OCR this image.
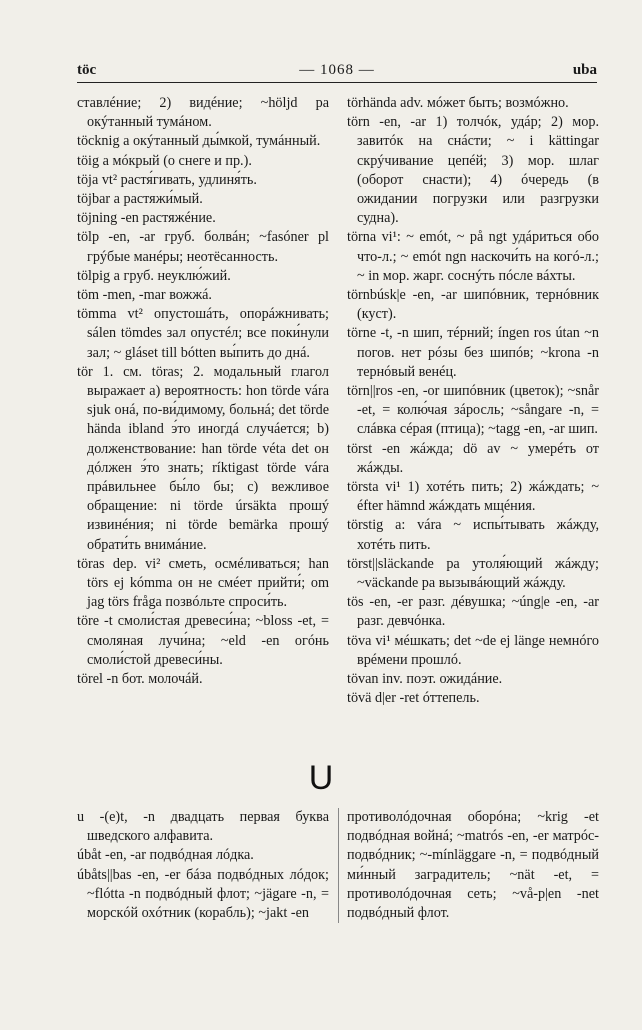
töc	— 1068 —	uba

ставлéние; 2) видéние; ~höljd pa окýтанный тумáном.

töcknig a окýтанный ды́мкой, тумáнный.

töig a мóкрый (о снеге и пр.).

töja vt² растя́гивать, удлиня́ть.

töjbar a растяжи́мый.

töjning -en растяжéние.

tölp -en, -ar груб. болвáн; ~fasóner pl грýбые манéры; неотёсанность.

tölpig a груб. неуклю́жий.

töm -men, -mar вожжá.

tömma vt² опустошáть, опорáжнивать; sálen tömdes зал опустéл; все поки́нули зал; ~ gláset till bótten вы́пить до днá.

tör 1. см. töras; 2. модальный глагол выражает a) вероятность: hon törde vára sjuk онá, по-ви́димому, больнá; det törde hända ibland э́то иногдá случáется; b) долженствование: han törde véta det он дóлжен э́то знать; ríktigast törde vára прáвильнее бы́ло бы; c) вежливое обращение: ni törde úrsäkta прошý извинéния; ni törde bemärka прошý обрати́ть внимáние.

töras dep. vi² сметь, осмéливаться; han törs ej kómma он не смéет прийти́; om jag törs fråga позвóльте спроси́ть.

töre -t смоли́стая древеси́на; ~bloss -et, = смоляная лучи́на; ~eld -en огóнь смоли́стой древеси́ны.

törel -n бот. молочáй.

törhända adv. мóжет быть; возмóжно.

törn -en, -ar 1) толчóк, удáр; 2) мор. завитóк на снáсти; ~ i kättingar скрýчивание цепéй; 3) мор. шлаг (оборот снасти); 4) óчередь (в ожидании погрузки или разгрузки судна).

törna vi¹: ~ emót, ~ på ngt удáриться обо что-л.; ~ emót ngn наскочи́ть на когó-л.; ~ in мор. жарг. соснýть пóсле вáхты.

törnbúsk|e -en, -ar шипóвник, тернóвник (куст).

törne -t, -n шип, тéрний; íngen ros útan ~n погов. нет рóзы без шипóв; ~krona -n тернóвый венéц.

törn||ros -en, -or шипóвник (цветок); ~snår -et, = колю́чая зáросль; ~sångare -n, = слáвка сéрая (птица); ~tagg -en, -ar шип.

törst -en жáжда; dö av ~ умерéть от жáжды.

törsta vi¹ 1) хотéть пить; 2) жáждать; ~ éfter hämnd жáждать мщéния.

törstig a: vára ~ испы́тывать жáжду, хотéть пить.

törst||släckande pa утоля́ющий жáжду; ~väckande pa вызывáющий жáжду.

tös -en, -er разг. дéвушка; ~úng|e -en, -ar разг. девчóнка.

töva vi¹ мéшкать; det ~de ej länge немнóго врéмени прошлó.

tövan inv. поэт. ожидáние.

tövä d|er -ret óттепель.

U

u -(e)t, -n двадцать первая буква шведского алфавита.

úbåt -en, -ar подвóдная лóдка.

úbåts||bas -en, -er бáза подвóдных лóдок; ~flótta -n подвóдный флот; ~jägare -n, = морскóй охóтник (корабль); ~jakt -en

противолóдочная оборóна; ~krig -et подвóдная войнá; ~matrós -en, -er матрóс-подвóдник; ~-mínläggare -n, = подвóдный ми́нный заградитель; ~nät -et, = противолóдочная сеть; ~vå-p|en -net подвóдный флот.
